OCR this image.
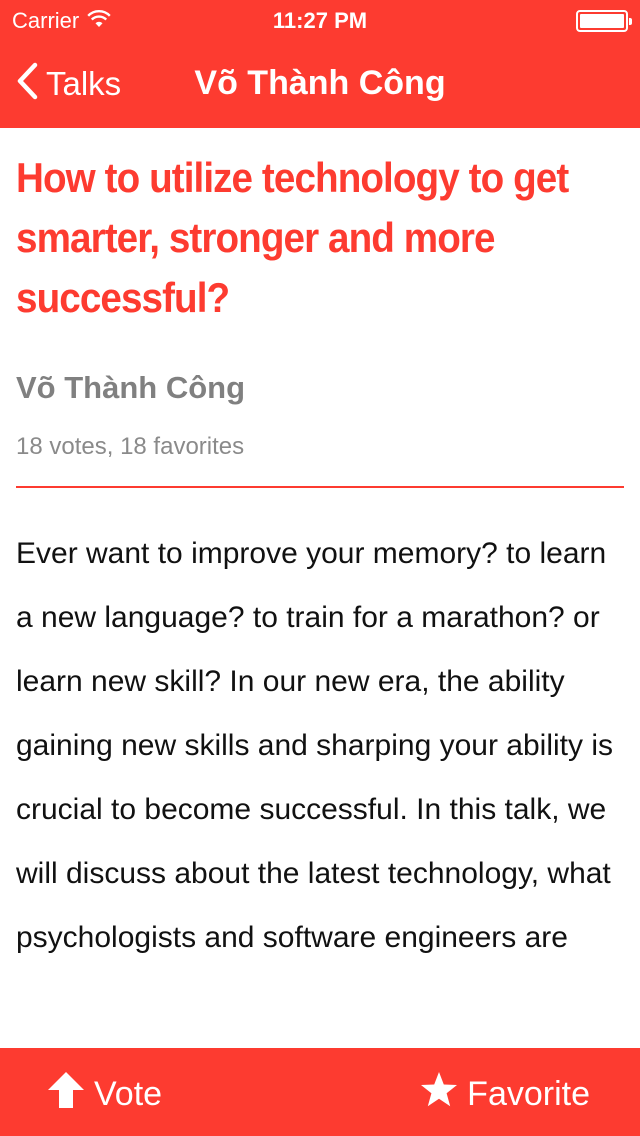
Carrier	11:27 PM
Talks	Võ Thành Công
How to utilize technology to get smarter, stronger and more successful?
Võ Thành Công
18 votes, 18 favorites
Ever want to improve your memory? to learn a new language? to train for a marathon? or learn new skill? In our new era, the ability gaining new skills and sharping your ability is crucial to become successful. In this talk, we will discuss about the latest technology, what psychologists and software engineers are
Vote	Favorite
